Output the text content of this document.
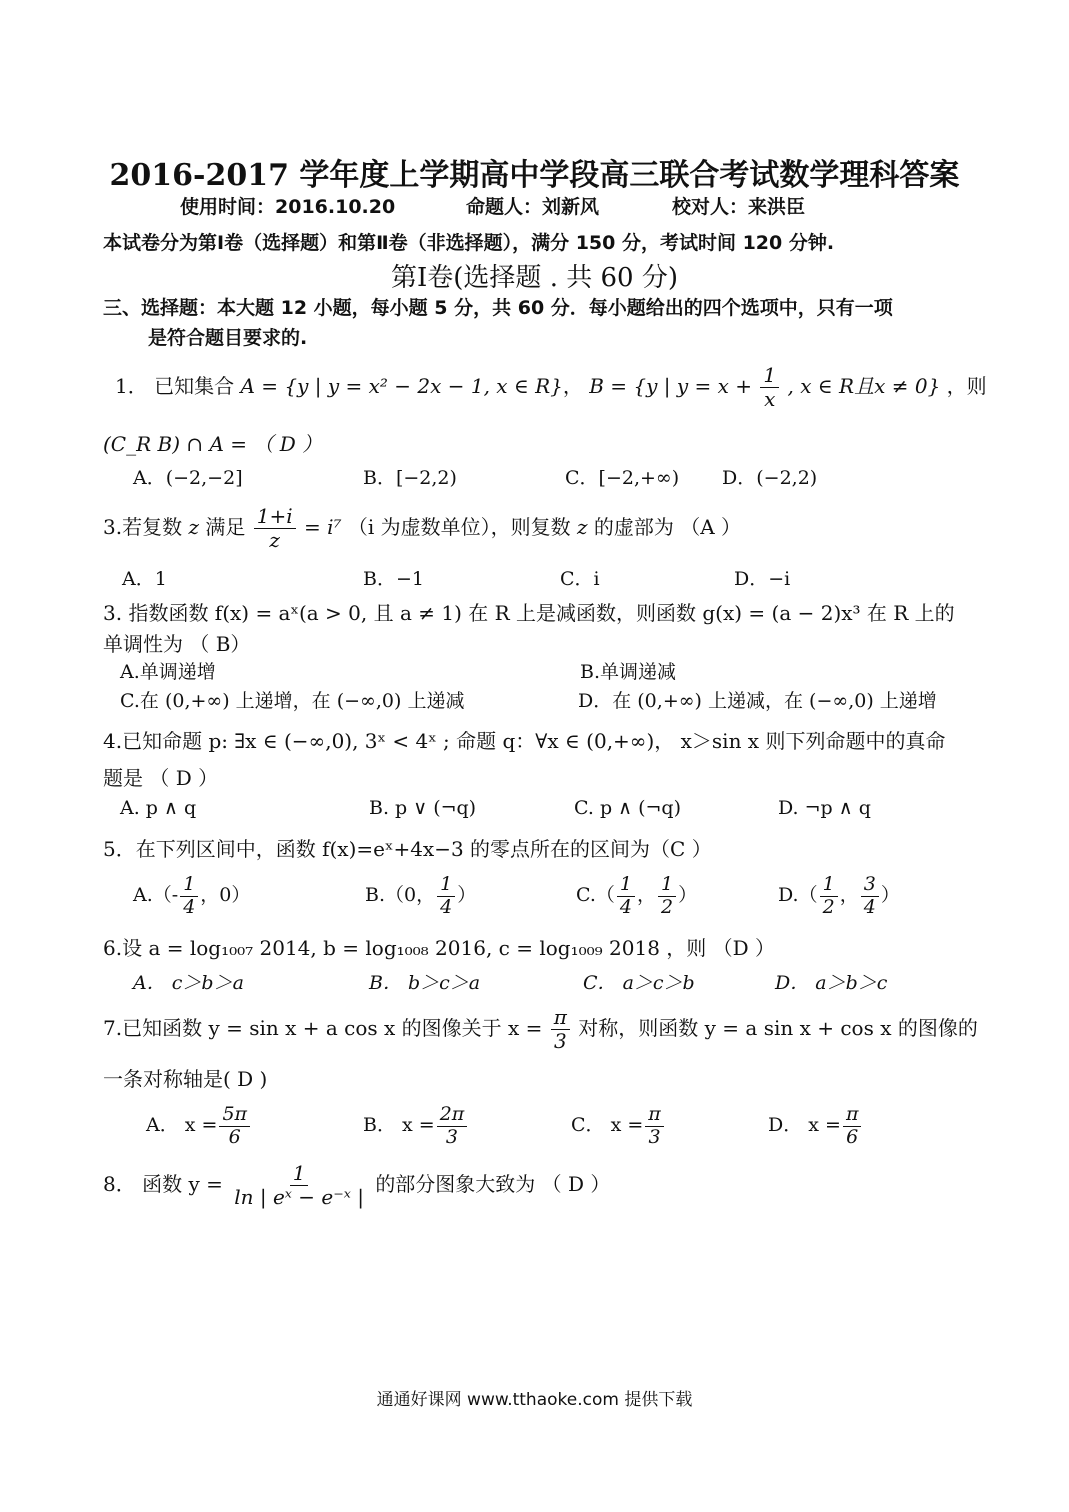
2016-2017 学年度上学期高中学段高三联合考试数学理科答案
使用时间：2016.10.20	命题人：刘新风	校对人：来洪臣
本试卷分为第Ⅰ卷（选择题）和第Ⅱ卷（非选择题），满分 150 分，考试时间 120 分钟.
第Ⅰ卷(选择题 . 共 60 分)
三、选择题：本大题 12 小题，每小题 5 分，共 60 分．每小题给出的四个选项中，只有一项
是符合题目要求的.
1． 已知集合 A = {y | y = x² − 2x − 1, x ∈ R}， B = {y | $y = x + \frac{1}{x}$ , x ∈ R且x ≠ 0} ，则
(C_R B) ∩ A = （ D ）
A．(−2,−2]	B．[−2,2)	C．[−2,+∞) D．(−2,2)
3.若复数 z 满足 $\frac{1+i}{z} = i^7$ （i 为虚数单位），则复数 z 的虚部为 （A ）
A．1	B．−1	C．i	D．−i
3. 指数函数 f(x) = aˣ(a > 0, 且 a ≠ 1) 在 R 上是减函数，则函数 g(x) = (a − 2)x³ 在 R 上的
单调性为 （ B）
A.单调递增	B.单调递减
C.在 (0,+∞) 上递增，在 (−∞,0) 上递减	D．在 (0,+∞) 上递减，在 (−∞,0) 上递增
4.已知命题 p: ∃x ∈ (−∞,0), 3ˣ < 4ˣ ; 命题 q：∀x ∈ (0,+∞)， x＞sin x 则下列命题中的真命
题是 （ D ）
A. p ∧ q	B. p ∨ (¬q)	C. p ∧ (¬q)	D. ¬p ∧ q
5．在下列区间中，函数 f(x)=eˣ+4x−3 的零点所在的区间为（C ）
$A.(- \frac{1}{4}$ ，0）	B.（0， $\frac{1}{4}$ ）	$C.( \frac{1}{4}$ ， $\frac{1}{2}$ ）	$D.( \frac{1}{2}$ ， $\frac{3}{4}$ ）
6.设 a = log₁₀₀₇ 2014, b = log₁₀₀₈ 2016, c = log₁₀₀₉ 2018 ，则 （D ）
A． c＞b＞a	B． b＞c＞a	C． a＞c＞b	D． a＞b＞c
7.已知函数 y = sin x + a cos x 的图像关于 $x = \frac{\pi}{3}$ 对称，则函数 y = a sin x + cos x 的图像的
一条对称轴是( D )
A． $x = \frac{5\pi}{6}$	B． $x = \frac{2\pi}{3}$	C． $x = \frac{\pi}{3}$	D． $x = \frac{\pi}{6}$
8． 函数 $y = \frac{1}{\text{ln | eˣ − e⁻ˣ |}}$ 的部分图象大致为 （ D ）
通通好课网 www.tthaoke.com 提供下载
